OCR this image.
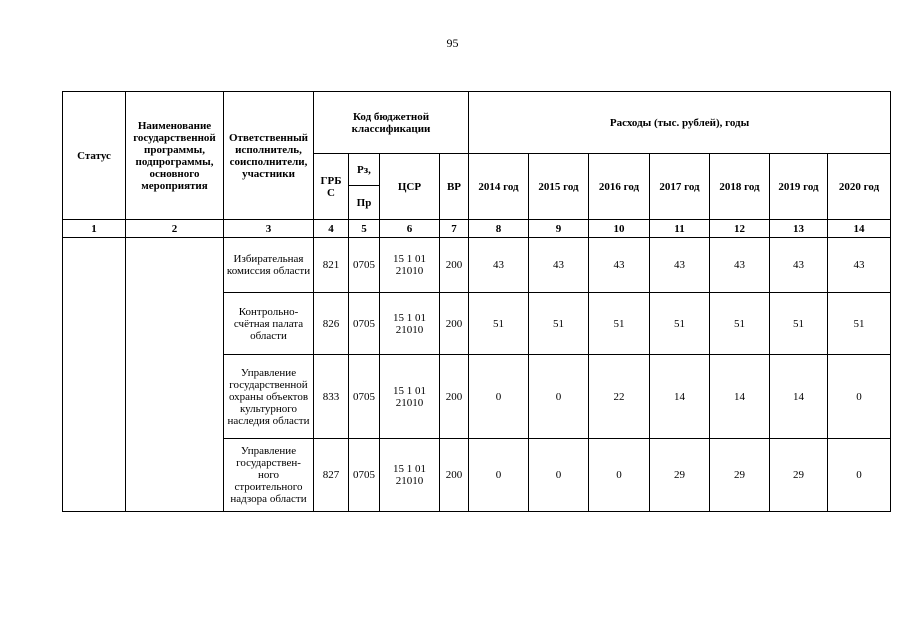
95
Статус	Наименование государственной программы, подпрограммы, основного мероприятия	Ответственный исполнитель, соисполнители, участники	Код бюджетной классификации				Расходы (тыс. рублей), годы						
			ГРБ С	Рз,	ЦСР	ВР	2014 год	2015 год	2016 год	2017 год	2018 год	2019 год	2020 год
				Пр									
1	2	3	4	5	6	7	8	9	10	11	12	13	14
		Избирательная комиссия области	821	0705	15 1 01 21010	200	43	43	43	43	43	43	43
		Контрольно-счётная палата области	826	0705	15 1 01 21010	200	51	51	51	51	51	51	51
		Управление государственной охраны объектов культурного наследия области	833	0705	15 1 01 21010	200	0	0	22	14	14	14	0
		Управление государствен-ного строительного надзора области	827	0705	15 1 01 21010	200	0	0	0	29	29	29	0
